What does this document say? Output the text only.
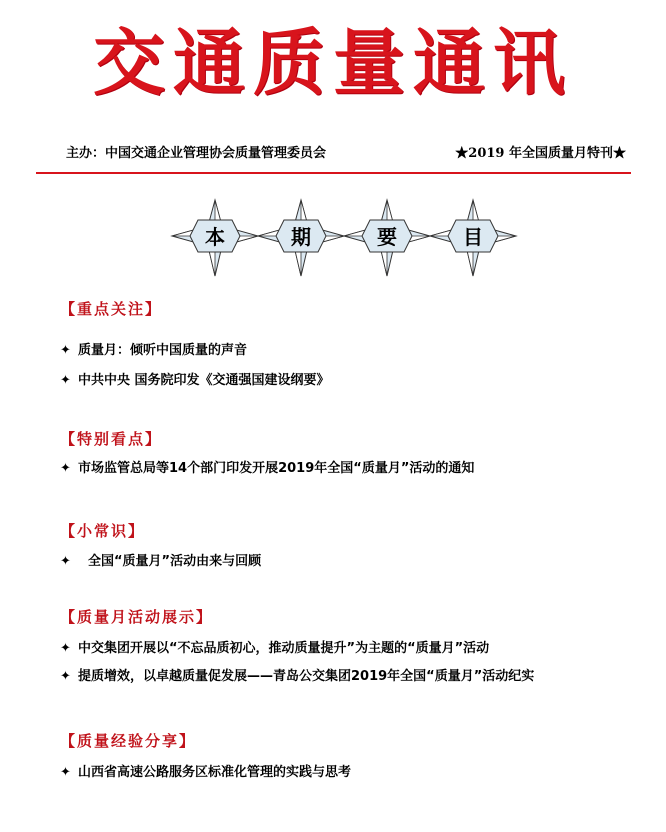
交通质量通讯
主办：中国交通企业管理协会质量管理委员会	★2019 年全国质量月特刊★
本	期	要	目
【重点关注】
✦ 质量月：倾听中国质量的声音
✦ 中共中央 国务院印发《交通强国建设纲要》
【特别看点】
✦ 市场监管总局等14个部门印发开展2019年全国“质量月”活动的通知
【小常识】
✦	全国“质量月”活动由来与回顾
【质量月活动展示】
✦ 中交集团开展以“不忘品质初心，推动质量提升”为主题的“质量月”活动
✦ 提质增效，以卓越质量促发展——青岛公交集团2019年全国“质量月”活动纪实
【质量经验分享】
✦ 山西省高速公路服务区标准化管理的实践与思考
